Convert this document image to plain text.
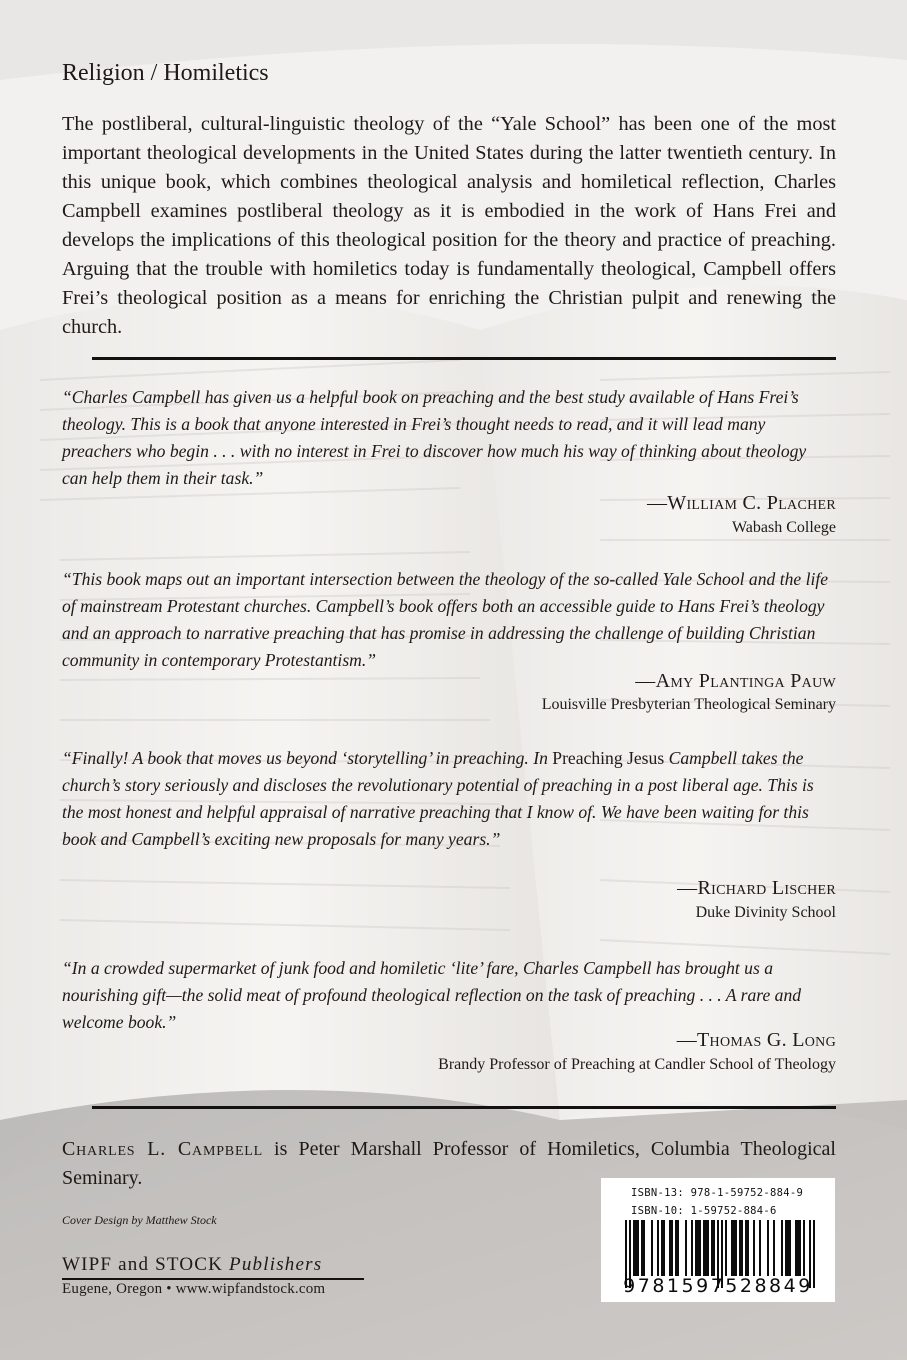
Religion / Homiletics

The postliberal, cultural-linguistic theology of the “Yale School” has been one of the most important theological developments in the United States during the latter twentieth century. In this unique book, which combines theological analysis and homiletical reflection, Charles Campbell examines postliberal theology as it is embodied in the work of Hans Frei and develops the implications of this theological position for the theory and practice of preaching. Arguing that the trouble with homiletics today is fundamentally theological, Campbell offers Frei’s theological position as a means for enriching the Christian pulpit and renewing the church.

“Charles Campbell has given us a helpful book on preaching and the best study available of Hans Frei’s theology. This is a book that anyone interested in Frei’s thought needs to read, and it will lead many preachers who begin . . . with no interest in Frei to discover how much his way of thinking about theology can help them in their task.”

—William C. Placher
Wabash College

“This book maps out an important intersection between the theology of the so-called Yale School and the life of mainstream Protestant churches. Campbell’s book offers both an accessible guide to Hans Frei’s theology and an approach to narrative preaching that has promise in addressing the challenge of building Christian community in contemporary Protestantism.”

—Amy Plantinga Pauw
Louisville Presbyterian Theological Seminary

“Finally! A book that moves us beyond ‘storytelling’ in preaching. In Preaching Jesus Campbell takes the church’s story seriously and discloses the revolutionary potential of preaching in a post liberal age. This is the most honest and helpful appraisal of narrative preaching that I know of. We have been waiting for this book and Campbell’s exciting new proposals for many years.”

—Richard Lischer
Duke Divinity School

“In a crowded supermarket of junk food and homiletic ‘lite’ fare, Charles Campbell has brought us a nourishing gift—the solid meat of profound theological reflection on the task of preaching . . . A rare and welcome book.”

—Thomas G. Long
Brandy Professor of Preaching at Candler School of Theology

Charles L. Campbell is Peter Marshall Professor of Homiletics, Columbia Theological Seminary.

Cover Design by Matthew Stock
WIPF and STOCK Publishers
Eugene, Oregon • www.wipfandstock.com
ISBN-13: 978-1-59752-884-9
ISBN-10: 1-59752-884-6
9781597528849
